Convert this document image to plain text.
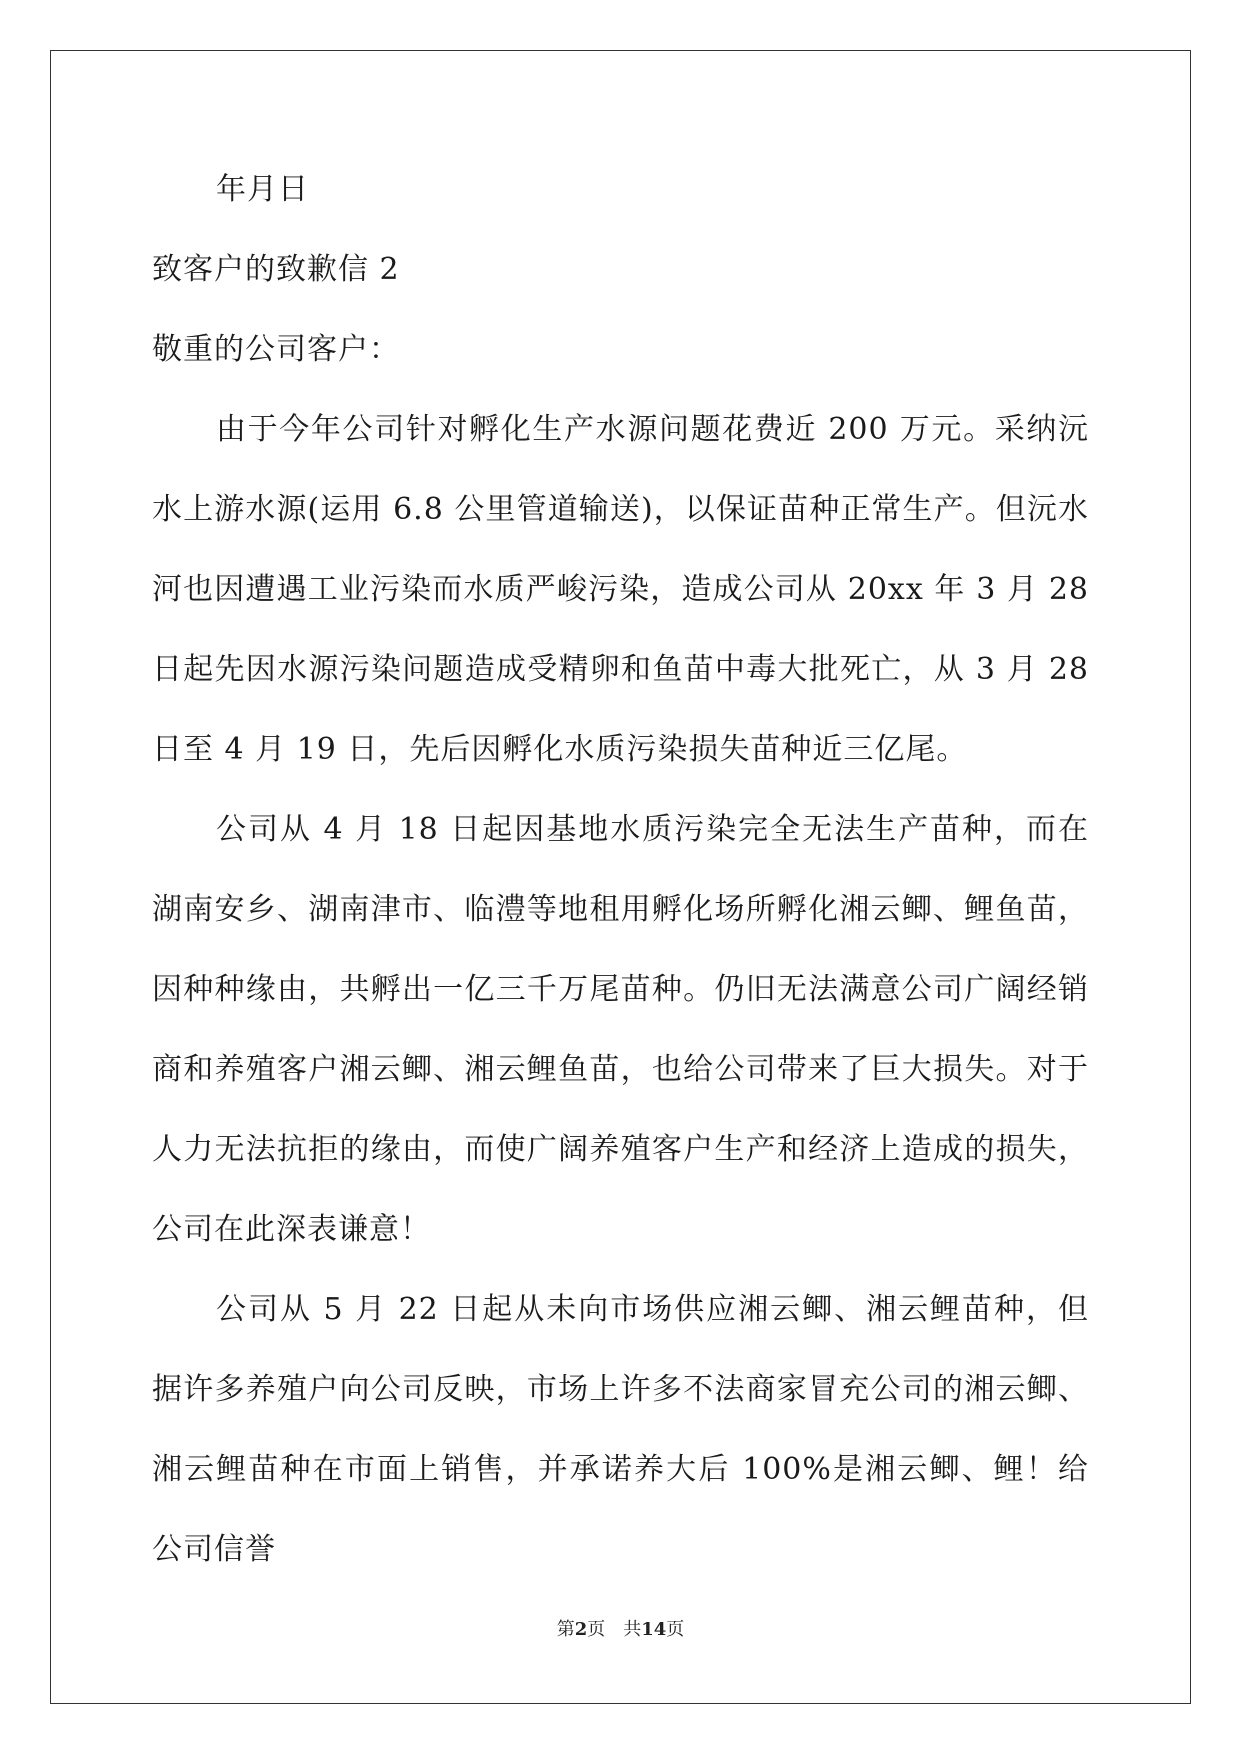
年月日
致客户的致歉信 2
敬重的公司客户：
由于今年公司针对孵化生产水源问题花费近 200 万元。采纳沅水上游水源(运用 6.8 公里管道输送)，以保证苗种正常生产。但沅水河也因遭遇工业污染而水质严峻污染，造成公司从 20xx 年 3 月 28 日起先因水源污染问题造成受精卵和鱼苗中毒大批死亡，从 3 月 28 日至 4 月 19 日，先后因孵化水质污染损失苗种近三亿尾。
公司从 4 月 18 日起因基地水质污染完全无法生产苗种，而在湖南安乡、湖南津市、临澧等地租用孵化场所孵化湘云鲫、鲤鱼苗，因种种缘由，共孵出一亿三千万尾苗种。仍旧无法满意公司广阔经销商和养殖客户湘云鲫、湘云鲤鱼苗，也给公司带来了巨大损失。对于人力无法抗拒的缘由，而使广阔养殖客户生产和经济上造成的损失，公司在此深表谦意！
公司从 5 月 22 日起从未向市场供应湘云鲫、湘云鲤苗种，但据许多养殖户向公司反映，市场上许多不法商家冒充公司的湘云鲫、湘云鲤苗种在市面上销售，并承诺养大后 100%是湘云鲫、鲤！给公司信誉
第2页 共14页
